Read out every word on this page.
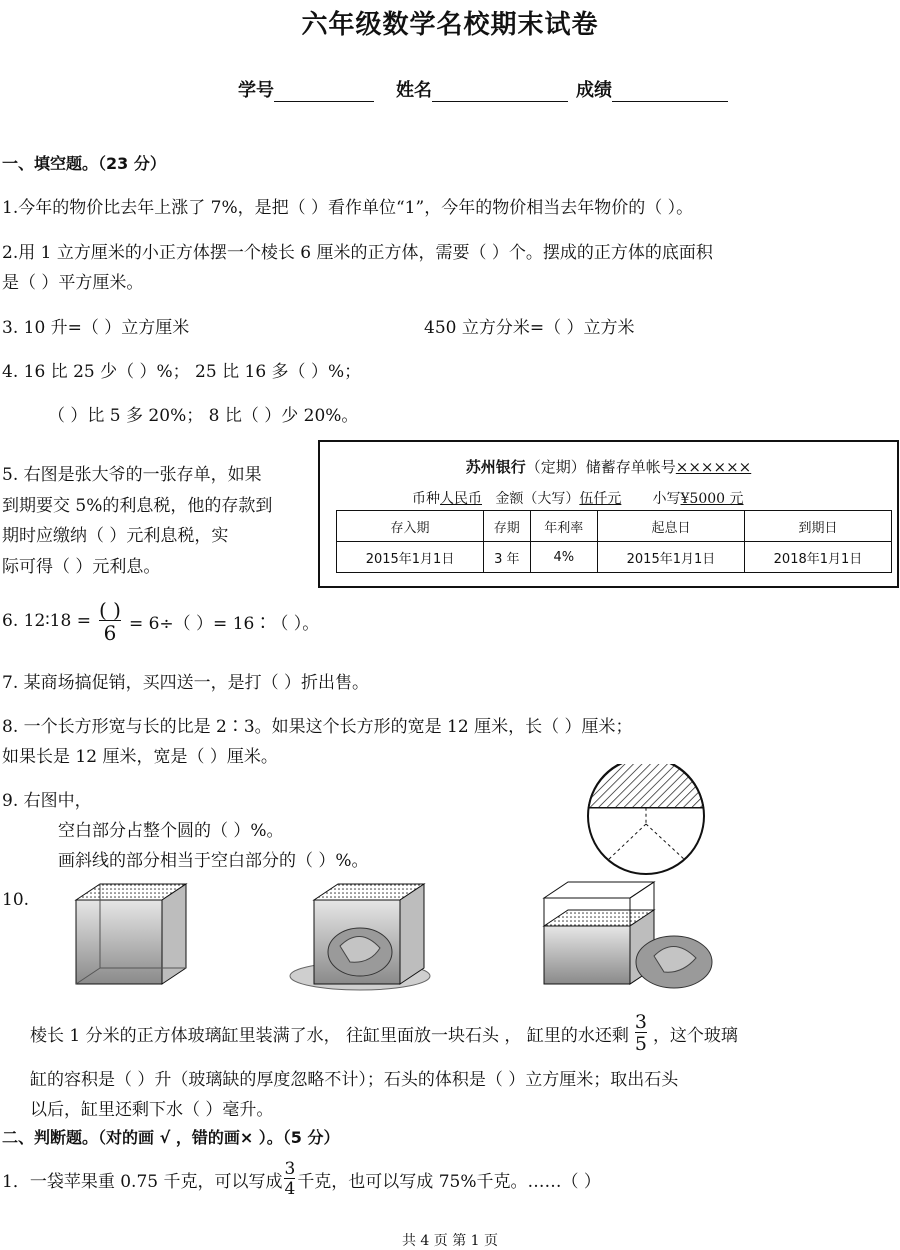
六年级数学名校期末试卷
学号	姓名	成绩
一、填空题。（23 分）
1.今年的物价比去年上涨了 7%，是把（ ）看作单位“1”，今年的物价相当去年物价的（ ）。
2.用 1 立方厘米的小正方体摆一个棱长 6 厘米的正方体，需要（ ）个。摆成的正方体的底面积
是（ ）平方厘米。
3. 10 升=（ ）立方厘米	450 立方分米=（ ）立方米
4. 16 比 25 少（ ）%； 25 比 16 多（ ）%；
（ ）比 5 多 20%； 8 比（ ）少 20%。
5. 右图是张大爷的一张存单，如果
到期要交 5%的利息税，他的存款到
期时应缴纳（ ）元利息税，实
际可得（ ）元利息。
苏州银行（定期）储蓄存单帐号××××××
币种人民币 金额（大写）伍仟元 小写¥5000 元
存入期	存期	年利率	起息日	到期日
2015年1月1日	3 年	4%	2015年1月1日	2018年1月1日
6. 12∶18 = $\frac{( )}{6} = 6\div$（ ）= 16∶（ ）。
7. 某商场搞促销，买四送一，是打（ ）折出售。
8. 一个长方形宽与长的比是 2∶3。如果这个长方形的宽是 12 厘米，长（ ）厘米；
如果长是 12 厘米，宽是（ ）厘米。
9. 右图中，
空白部分占整个圆的（ ）%。
画斜线的部分相当于空白部分的（ ）%。
10.
棱长 1 分米的正方体玻璃缸里装满了水， 往缸里面放一块石头 ， 缸里的水还剩 $\frac{3}{5}$ ，这个玻璃
缸的容积是（ ）升（玻璃缺的厚度忽略不计）；石头的体积是（ ）立方厘米；取出石头
以后，缸里还剩下水（ ）毫升。
二、判断题。（对的画 √ ，错的画× ）。（5 分）
1．一袋苹果重 0.75 千克，可以写成 $\frac{3}{4}$ 千克，也可以写成 75%千克。……（ ）
共 4 页 第 1 页
